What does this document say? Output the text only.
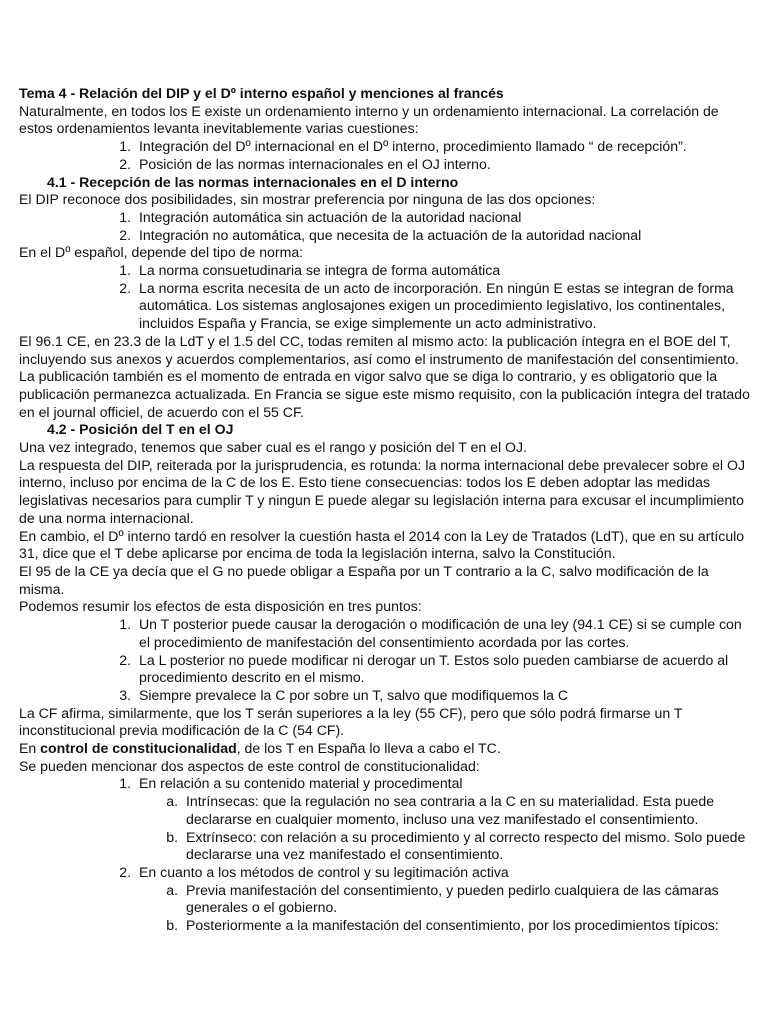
Tema 4 - Relación del DIP y el Dº interno español y menciones al francés

Naturalmente, en todos los E existe un ordenamiento interno y un ordenamiento internacional. La correlación de estos ordenamientos levanta inevitablemente varias cuestiones:

1. Integración del Dº internacional en el Dº interno, procedimiento llamado “ de recepción”.
2. Posición de las normas internacionales en el OJ interno.

4.1 - Recepción de las normas internacionales en el D interno

El DIP reconoce dos posibilidades, sin mostrar preferencia por ninguna de las dos opciones:

1. Integración automática sin actuación de la autoridad nacional
2. Integración no automática, que necesita de la actuación de la autoridad nacional

En el Dº español, depende del tipo de norma:

1. La norma consuetudinaria se integra de forma automática
2. La norma escrita necesita de un acto de incorporación. En ningún E estas se integran de forma automática. Los sistemas anglosajones exigen un procedimiento legislativo, los continentales, incluidos España y Francia, se exige simplemente un acto administrativo.

El 96.1 CE, en 23.3 de la LdT y el 1.5 del CC, todas remiten al mismo acto: la publicación íntegra en el BOE del T, incluyendo sus anexos y acuerdos complementarios, así como el instrumento de manifestación del consentimiento. La publicación también es el momento de entrada en vigor salvo que se diga lo contrario, y es obligatorio que la publicación permanezca actualizada. En Francia se sigue este mismo requisito, con la publicación íntegra del tratado en el journal officiel, de acuerdo con el 55 CF.

4.2 - Posición del T en el OJ

Una vez integrado, tenemos que saber cual es el rango y posición del T en el OJ.

La respuesta del DIP, reiterada por la jurisprudencia, es rotunda: la norma internacional debe prevalecer sobre el OJ interno, incluso por encima de la C de los E. Esto tiene consecuencias: todos los E deben adoptar las medidas legislativas necesarios para cumplir T y ningun E puede alegar su legislación interna para excusar el incumplimiento de una norma internacional.

En cambio, el Dº interno tardó en resolver la cuestión hasta el 2014 con la Ley de Tratados (LdT), que en su artículo 31, dice que el T debe aplicarse por encima de toda la legislación interna, salvo la Constitución.

El 95 de la CE ya decía que el G no puede obligar a España por un T contrario a la C, salvo modificación de la misma.

Podemos resumir los efectos de esta disposición en tres puntos:

1. Un T posterior puede causar la derogación o modificación de una ley (94.1 CE) si se cumple con el procedimiento de manifestación del consentimiento acordada por las cortes.
2. La L posterior no puede modificar ni derogar un T. Estos solo pueden cambiarse de acuerdo al procedimiento descrito en el mismo.
3. Siempre prevalece la C por sobre un T, salvo que modifiquemos la C

La CF afirma, similarmente, que los T serán superiores a la ley (55 CF), pero que sólo podrá firmarse un T inconstitucional previa modificación de la C (54 CF).

En control de constitucionalidad, de los T en España lo lleva a cabo el TC.

Se pueden mencionar dos aspectos de este control de constitucionalidad:

1. En relación a su contenido material y procedimental
a. Intrínsecas: que la regulación no sea contraria a la C en su materialidad. Esta puede declararse en cualquier momento, incluso una vez manifestado el consentimiento.
b. Extrínseco: con relación a su procedimiento y al correcto respecto del mismo. Solo puede declararse una vez manifestado el consentimiento.
2. En cuanto a los métodos de control y su legitimación activa
a. Previa manifestación del consentimiento, y pueden pedirlo cualquiera de las cámaras generales o el gobierno.
b. Posteriormente a la manifestación del consentimiento, por los procedimientos típicos:
